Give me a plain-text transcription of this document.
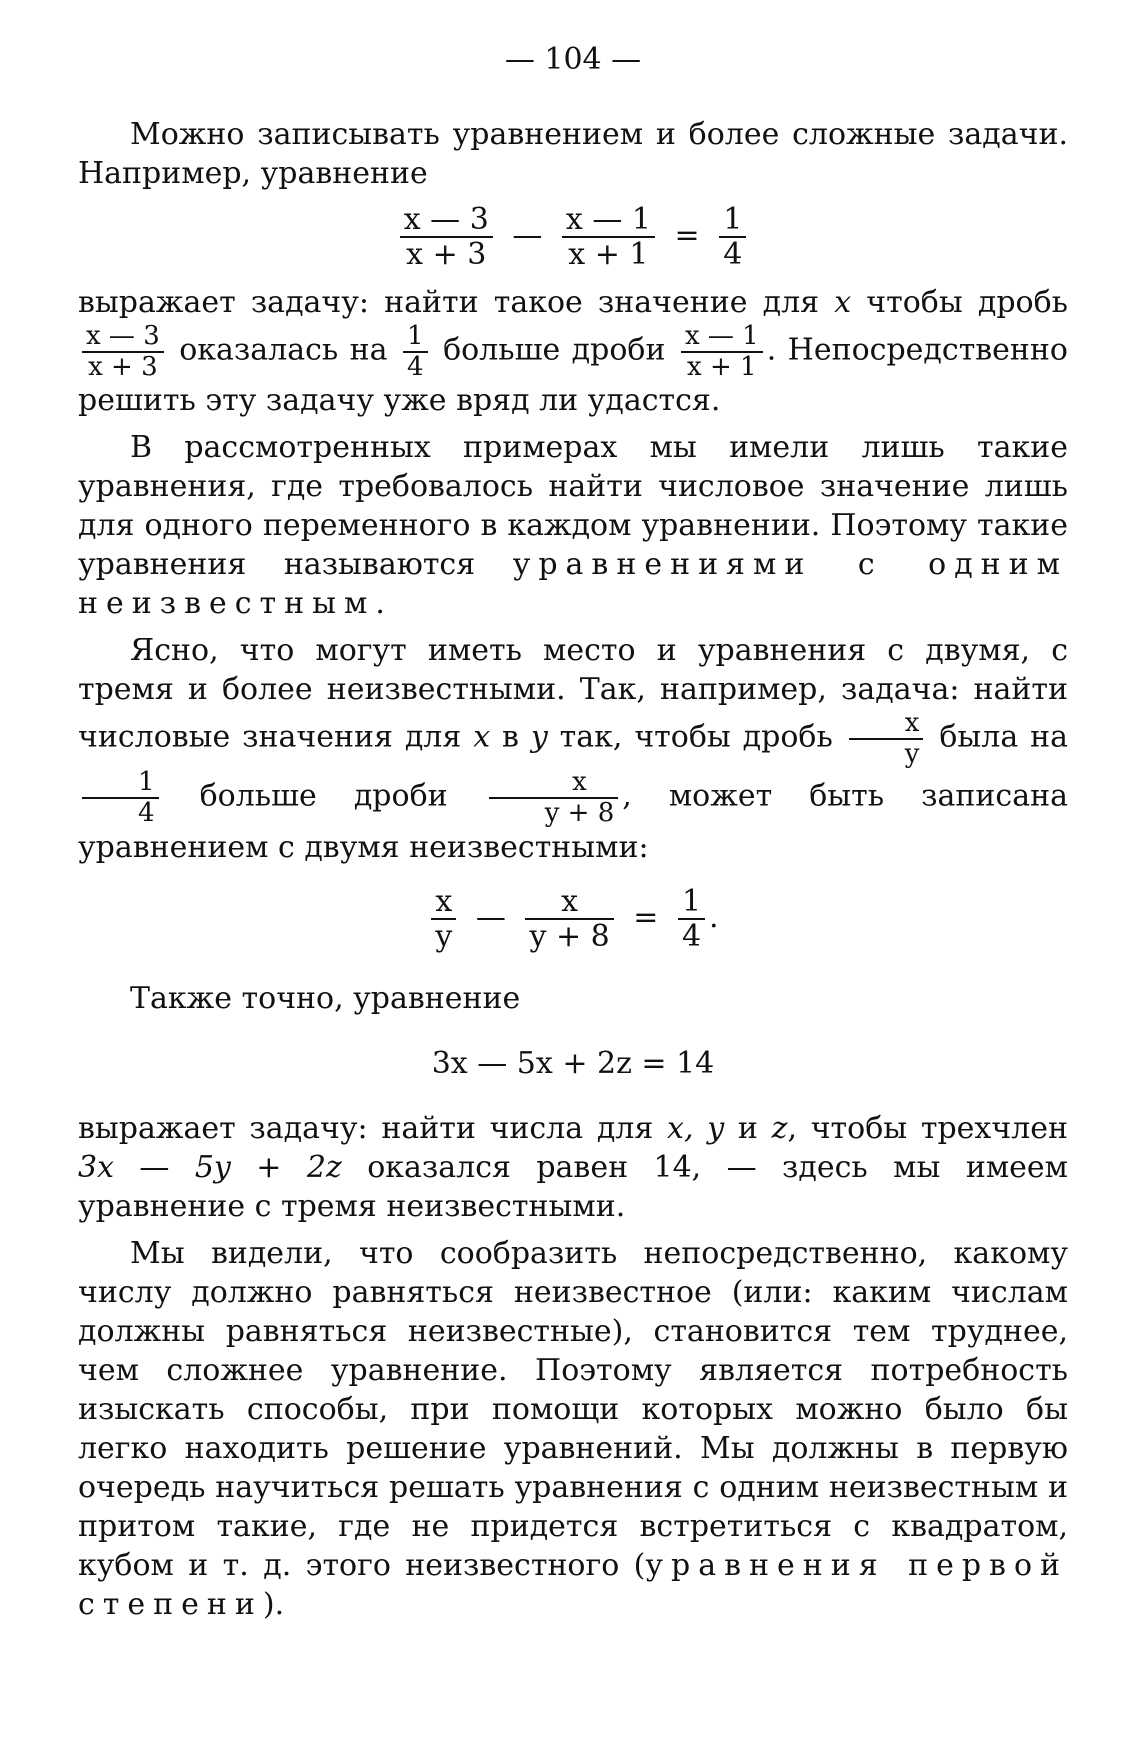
— 104 —

Можно записывать уравнением и более сложные задачи. Например, уравнение

$\frac{x — 3}{x + 3}$ — $\frac{x — 1}{x + 1} = \frac{1}{4}$

выражает задачу: найти такое значение для x чтобы дробь
$\frac{x — 3}{x + 3}$ оказалась на $\frac{1}{4}$ больше дроби $\frac{x — 1}{x + 1}$ . Непосредственно решить эту задачу уже вряд ли удастся.

В рассмотренных примерах мы имели лишь такие уравнения, где требовалось найти числовое значение лишь для одного переменного в каждом уравнении. Поэтому такие уравнения называются уравнениями с одним неизвестным.

Ясно, что могут иметь место и уравнения с двумя, с тремя и более неизвестными. Так, например, задача: найти числовые значения для x в y так, чтобы дробь $\frac{x}{y}$ была на
$\frac{1}{4}$ больше дроби $\frac{x}{y + 8}$ , может быть записана уравнением с двумя неизвестными:

$\frac{x}{y}$ — $\frac{x}{y + 8} = \frac{1}{4}$ .

Также точно, уравнение

3x — 5x + 2z = 14

выражает задачу: найти числа для x, y и z, чтобы трехчлен 3x — 5y + 2z оказался равен 14, — здесь мы имеем уравнение с тремя неизвестными.

Мы видели, что сообразить непосредственно, какому числу должно равняться неизвестное (или: каким числам должны равняться неизвестные), становится тем труднее, чем сложнее уравнение. Поэтому является потребность изыскать способы, при помощи которых можно было бы легко находить решение уравнений. Мы должны в первую очередь научиться решать уравнения с одним неизвестным и притом такие, где не придется встретиться с квадратом, кубом и т. д. этого неизвестного (уравнения первой степени).
